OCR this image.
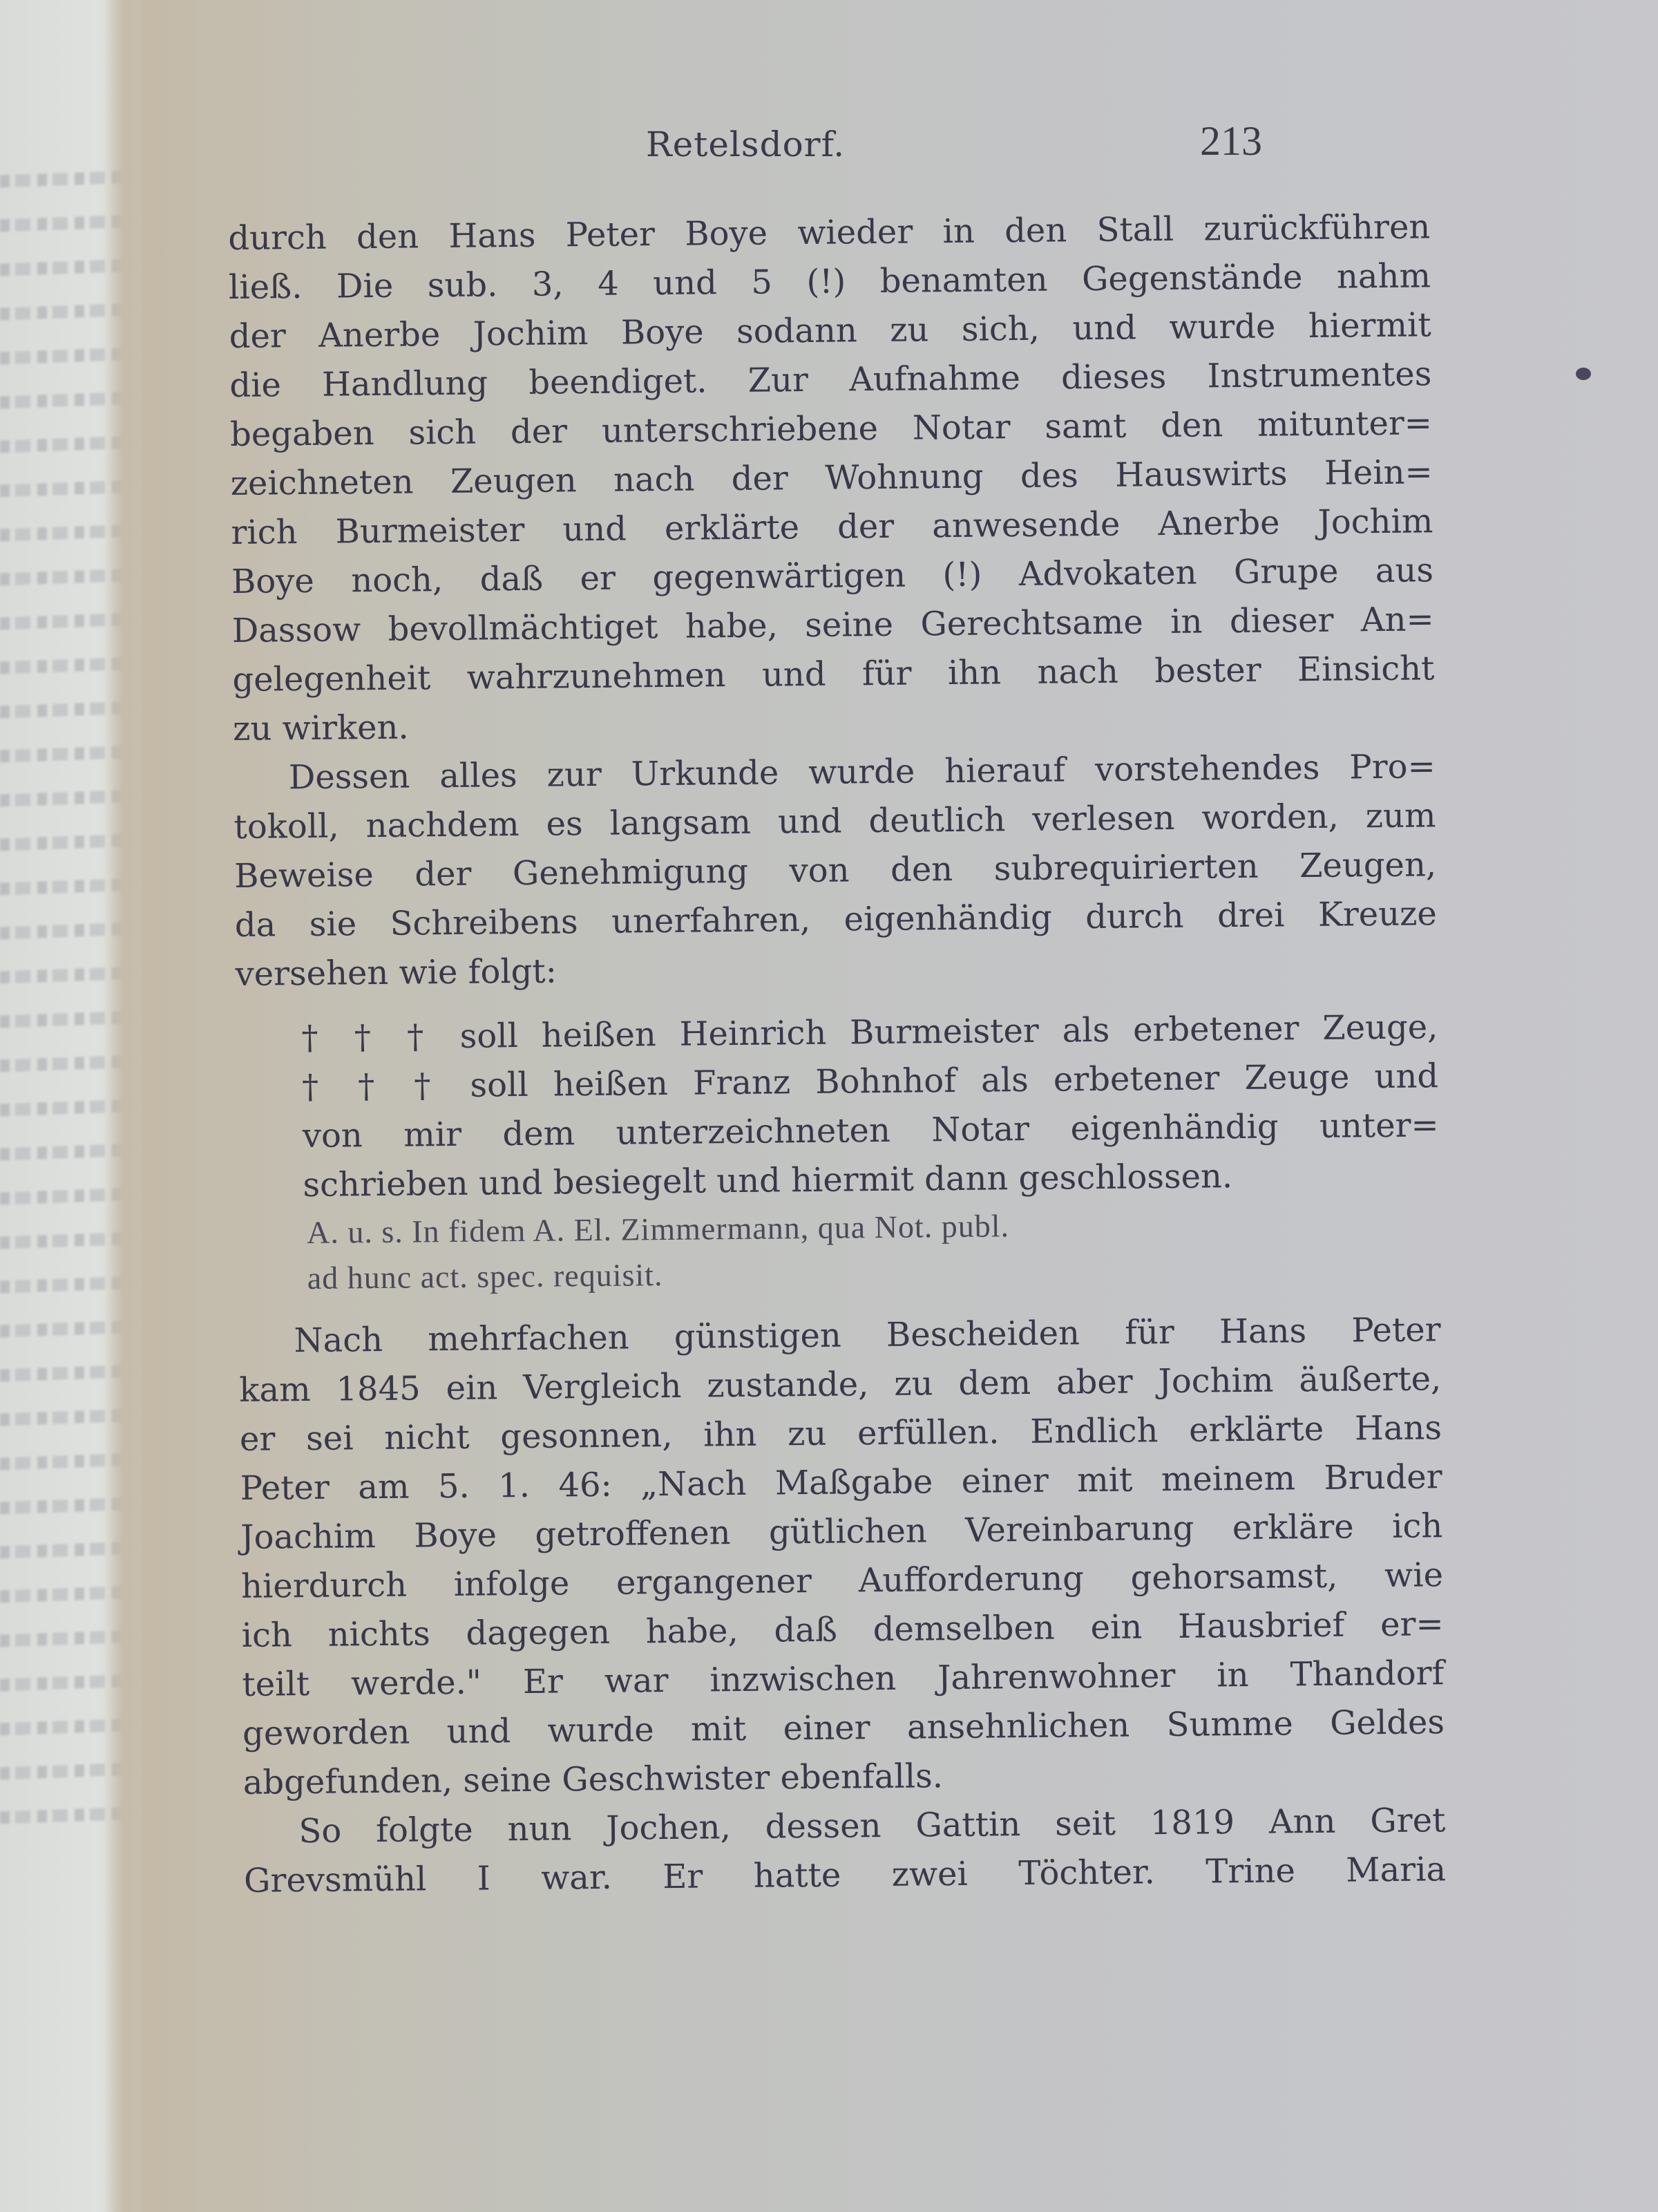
Retelsdorf.	213
durch den Hans Peter Boye wieder in den Stall zurückführen
ließ. Die sub. 3, 4 und 5 (!) benamten Gegenstände nahm
der Anerbe Jochim Boye sodann zu sich, und wurde hiermit
die Handlung beendiget. Zur Aufnahme dieses Instrumentes
begaben sich der unterschriebene Notar samt den mitunter=
zeichneten Zeugen nach der Wohnung des Hauswirts Hein=
rich Burmeister und erklärte der anwesende Anerbe Jochim
Boye noch, daß er gegenwärtigen (!) Advokaten Grupe aus
Dassow bevollmächtiget habe, seine Gerechtsame in dieser An=
gelegenheit wahrzunehmen und für ihn nach bester Einsicht
zu wirken.
Dessen alles zur Urkunde wurde hierauf vorstehendes Pro=
tokoll, nachdem es langsam und deutlich verlesen worden, zum
Beweise der Genehmigung von den subrequirierten Zeugen,
da sie Schreibens unerfahren, eigenhändig durch drei Kreuze
versehen wie folgt:
† † † soll heißen Heinrich Burmeister als erbetener Zeuge,
† † † soll heißen Franz Bohnhof als erbetener Zeuge und
von mir dem unterzeichneten Notar eigenhändig unter=
schrieben und besiegelt und hiermit dann geschlossen.
A. u. s. In fidem A. El. Zimmermann, qua Not. publ.
ad hunc act. spec. requisit.
Nach mehrfachen günstigen Bescheiden für Hans Peter
kam 1845 ein Vergleich zustande, zu dem aber Jochim äußerte,
er sei nicht gesonnen, ihn zu erfüllen. Endlich erklärte Hans
Peter am 5. 1. 46: „Nach Maßgabe einer mit meinem Bruder
Joachim Boye getroffenen gütlichen Vereinbarung erkläre ich
hierdurch infolge ergangener Aufforderung gehorsamst, wie
ich nichts dagegen habe, daß demselben ein Hausbrief er=
teilt werde." Er war inzwischen Jahrenwohner in Thandorf
geworden und wurde mit einer ansehnlichen Summe Geldes
abgefunden, seine Geschwister ebenfalls.
So folgte nun Jochen, dessen Gattin seit 1819 Ann Gret
Grevsmühl I war. Er hatte zwei Töchter. Trine Maria
